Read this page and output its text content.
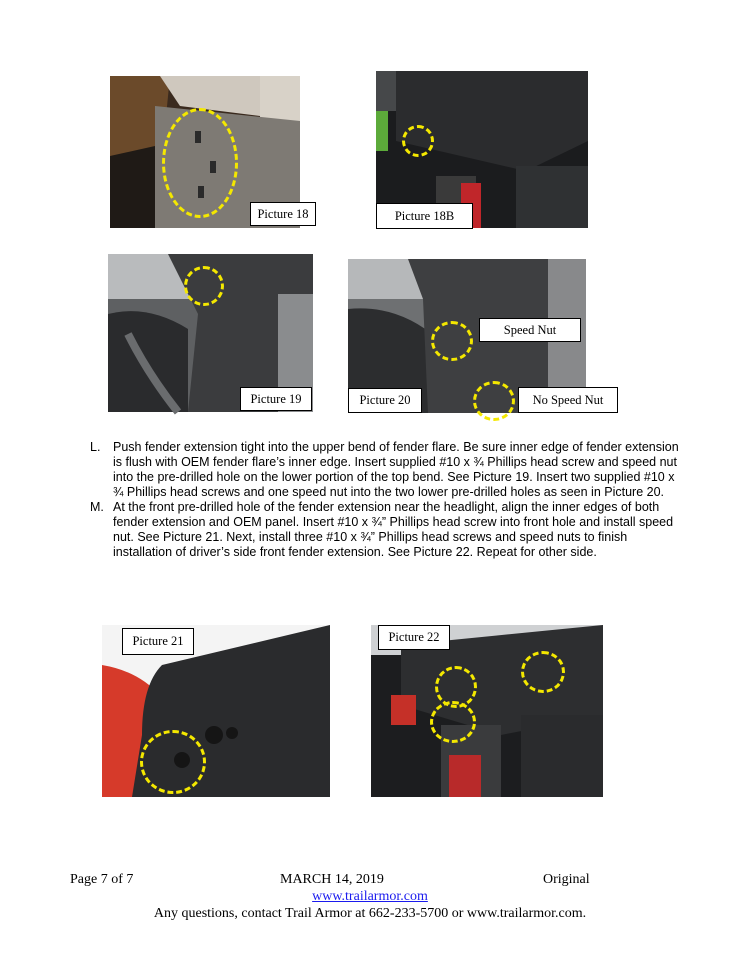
Picture 18	Picture 18B
Picture 19
Speed Nut
Picture 20	No Speed Nut

L. Push fender extension tight into the upper bend of fender flare. Be sure inner edge of fender extension is flush with OEM fender flare’s inner edge. Insert supplied #10 x ¾ Phillips head screw and speed nut into the pre-drilled hole on the lower portion of the top bend. See Picture 19. Insert two supplied #10 x ¾ Phillips head screws and one speed nut into the two lower pre-drilled holes as seen in Picture 20.

M. At the front pre-drilled hole of the fender extension near the headlight, align the inner edges of both fender extension and OEM panel. Insert #10 x ¾” Phillips head screw into front hole and install speed nut. See Picture 21. Next, install three #10 x ¾” Phillips head screws and speed nuts to finish installation of driver’s side front fender extension. See Picture 22. Repeat for other side.

Picture 21	Picture 22
Page 7 of 7	MARCH 14, 2019	Original
www.trailarmor.com
Any questions, contact Trail Armor at 662-233-5700 or www.trailarmor.com.
